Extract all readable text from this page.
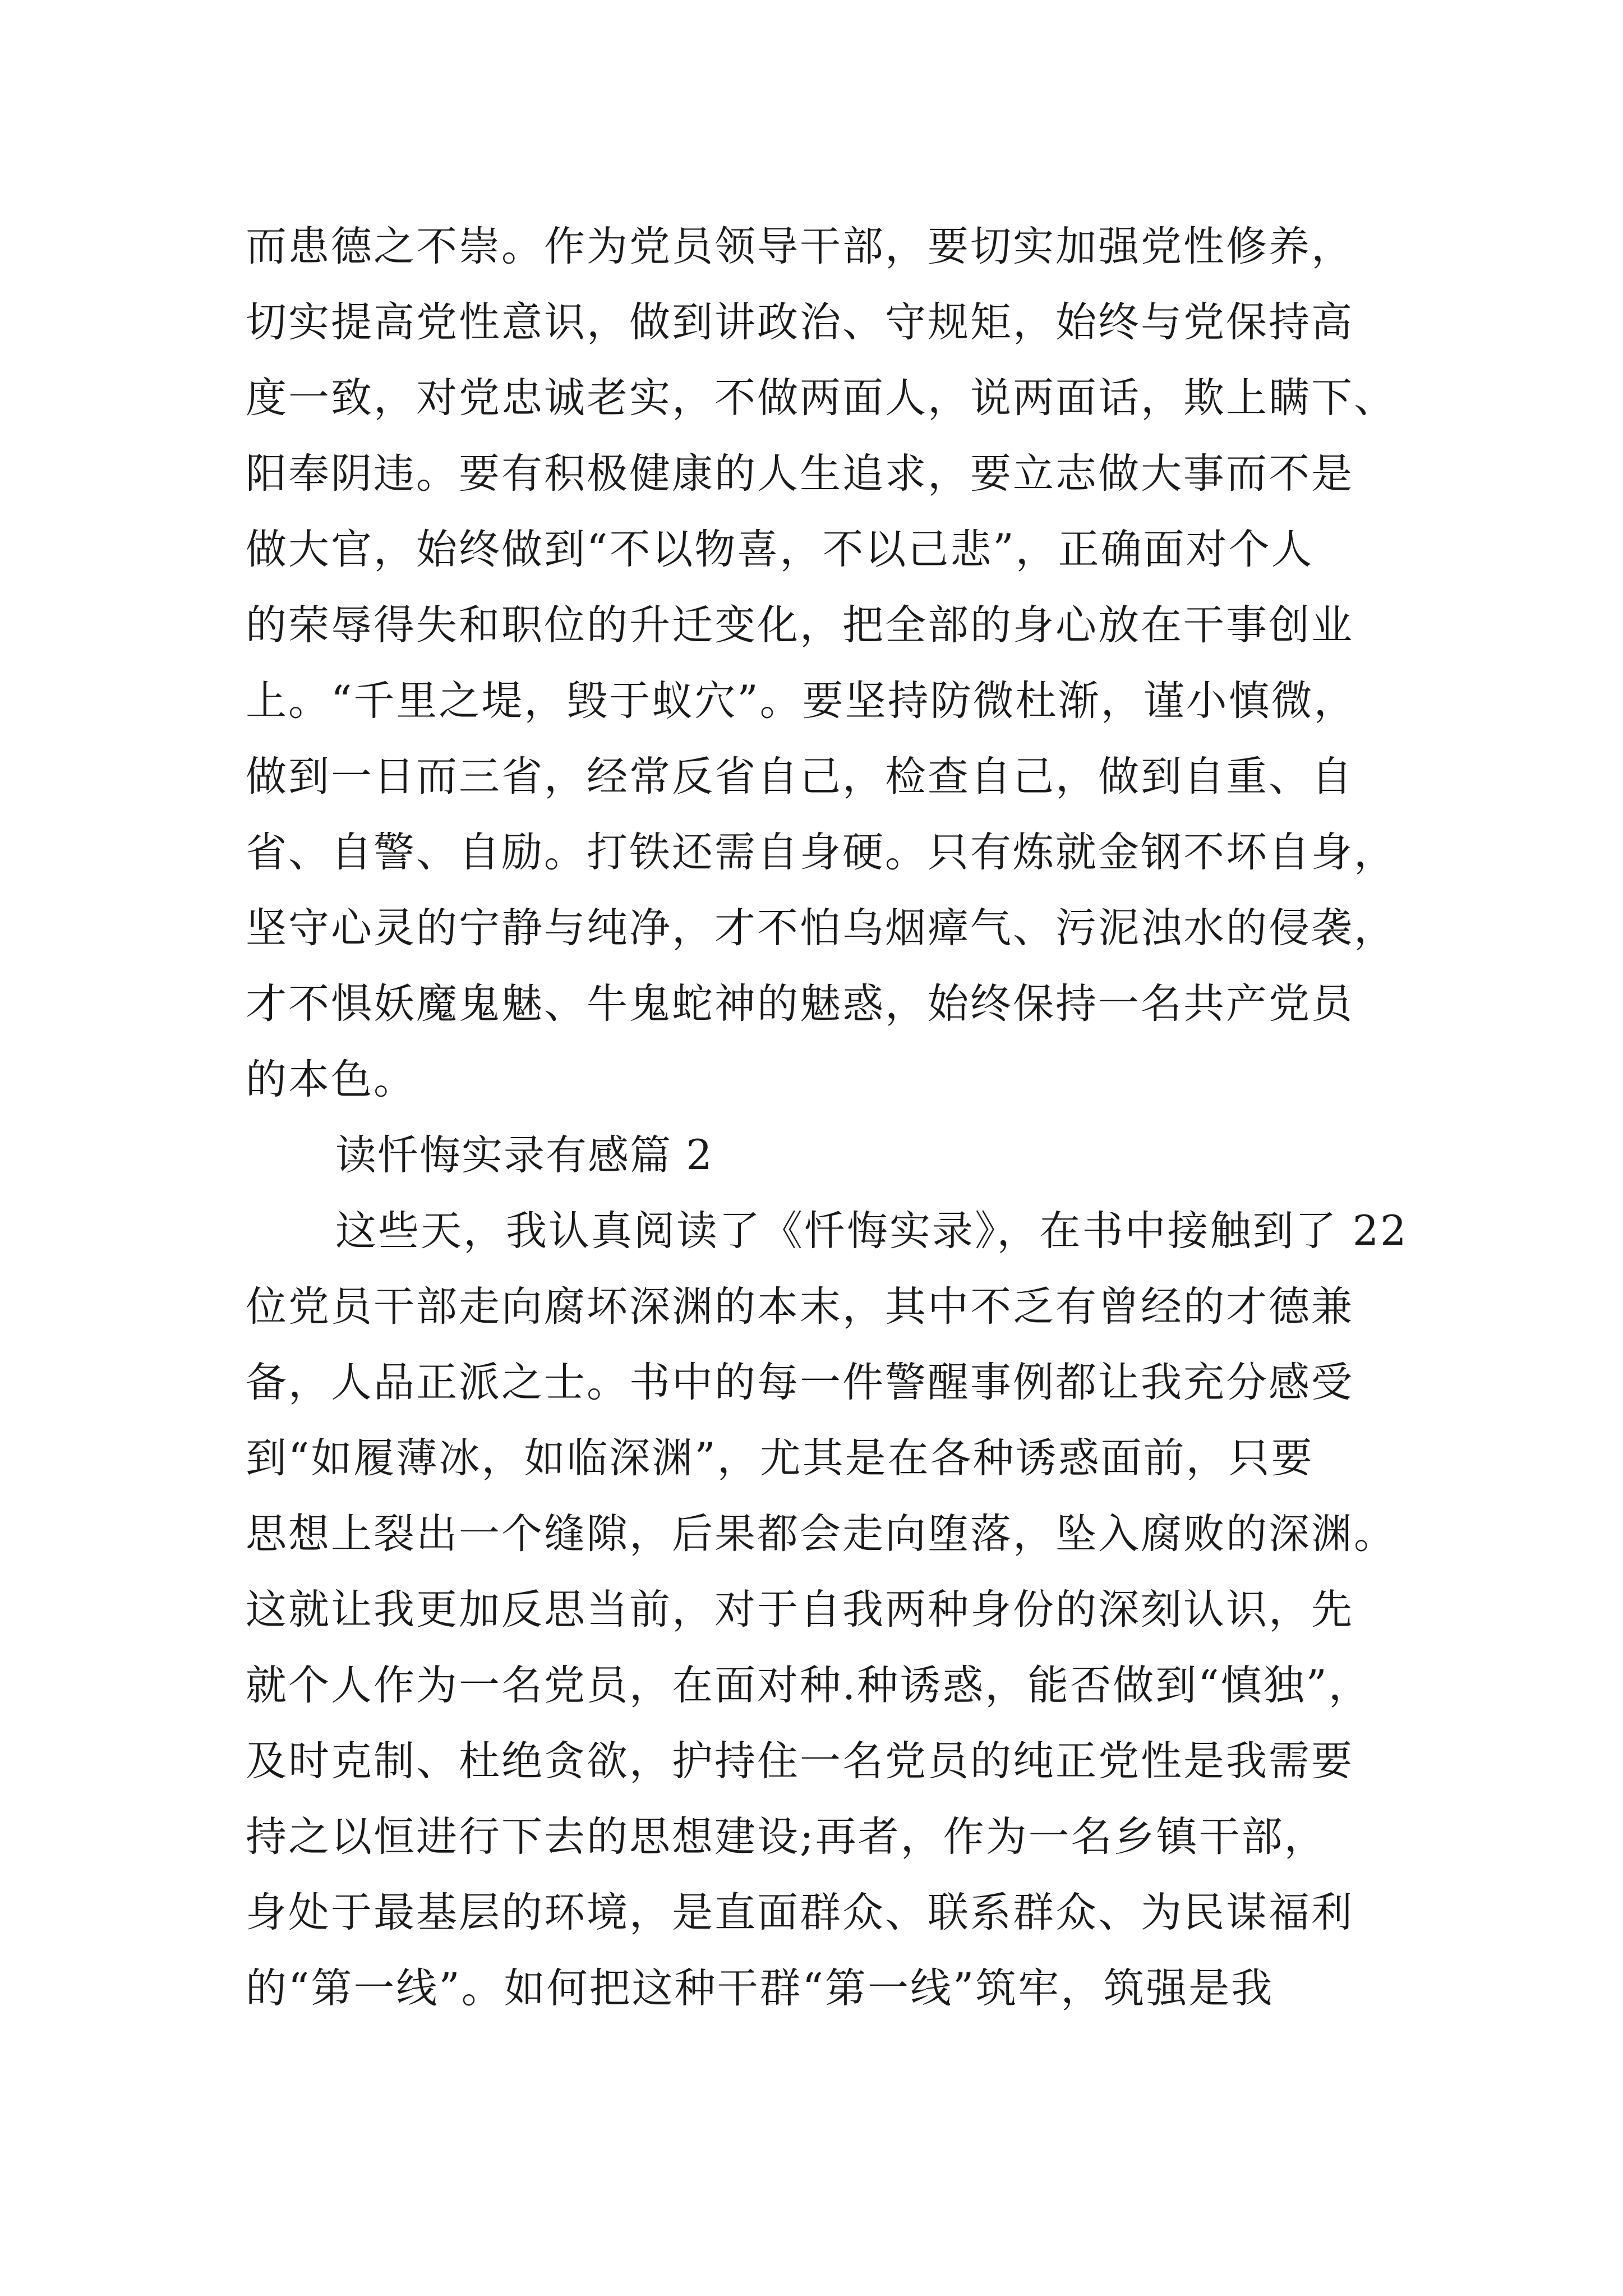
而患德之不崇。作为党员领导干部，要切实加强党性修养，
切实提高党性意识，做到讲政治、守规矩，始终与党保持高
度一致，对党忠诚老实，不做两面人，说两面话，欺上瞒下、
阳奉阴违。要有积极健康的人生追求，要立志做大事而不是
做大官，始终做到“不以物喜，不以己悲”，正确面对个人
的荣辱得失和职位的升迁变化，把全部的身心放在干事创业
上。“千里之堤，毁于蚁穴”。要坚持防微杜渐，谨小慎微，
做到一日而三省，经常反省自己，检查自己，做到自重、自
省、自警、自励。打铁还需自身硬。只有炼就金钢不坏自身，
坚守心灵的宁静与纯净，才不怕乌烟瘴气、污泥浊水的侵袭，
才不惧妖魔鬼魅、牛鬼蛇神的魅惑，始终保持一名共产党员
的本色。
读忏悔实录有感篇 2
这些天，我认真阅读了《忏悔实录》，在书中接触到了 22
位党员干部走向腐坏深渊的本末，其中不乏有曾经的才德兼
备，人品正派之士。书中的每一件警醒事例都让我充分感受
到“如履薄冰，如临深渊”，尤其是在各种诱惑面前，只要
思想上裂出一个缝隙，后果都会走向堕落，坠入腐败的深渊。
这就让我更加反思当前，对于自我两种身份的深刻认识，先
就个人作为一名党员，在面对种.种诱惑，能否做到“慎独”，
及时克制、杜绝贪欲，护持住一名党员的纯正党性是我需要
持之以恒进行下去的思想建设;再者，作为一名乡镇干部，
身处于最基层的环境，是直面群众、联系群众、为民谋福利
的“第一线”。如何把这种干群“第一线”筑牢，筑强是我
